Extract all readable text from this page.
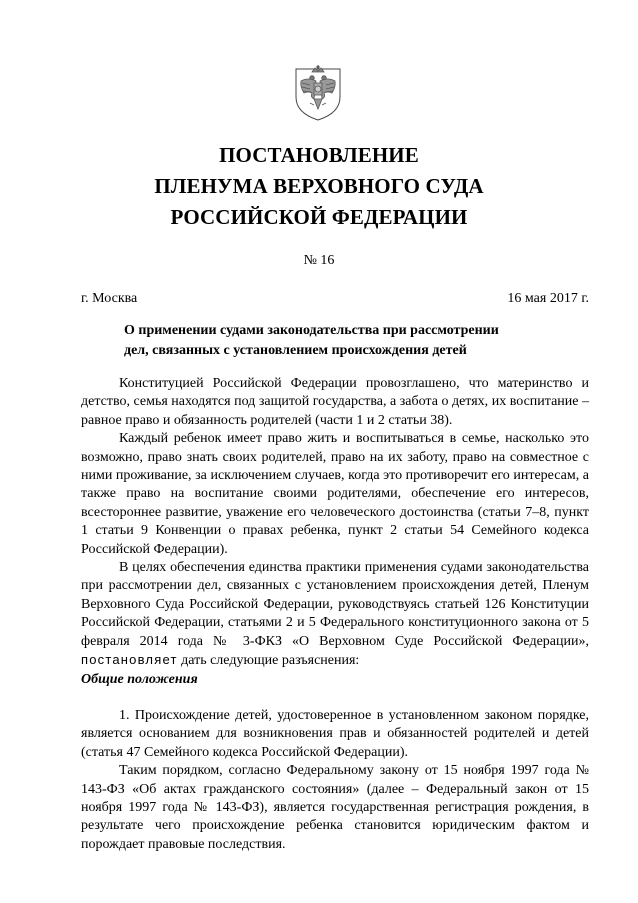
ПОСТАНОВЛЕНИЕ
ПЛЕНУМА ВЕРХОВНОГО СУДА
РОССИЙСКОЙ ФЕДЕРАЦИИ
№ 16
г. Москва	16 мая 2017 г.
О применении судами законодательства при рассмотрении
дел, связанных с установлением происхождения детей

Конституцией Российской Федерации провозглашено, что материнство и детство, семья находятся под защитой государства, а забота о детях, их воспитание – равное право и обязанность родителей (части 1 и 2 статьи 38).

Каждый ребенок имеет право жить и воспитываться в семье, насколько это возможно, право знать своих родителей, право на их заботу, право на совместное с ними проживание, за исключением случаев, когда это противоречит его интересам, а также право на воспитание своими родителями, обеспечение его интересов, всестороннее развитие, уважение его человеческого достоинства (статьи 7–8, пункт 1 статьи 9 Конвенции о правах ребенка, пункт 2 статьи 54 Семейного кодекса Российской Федерации).

В целях обеспечения единства практики применения судами законодательства при рассмотрении дел, связанных с установлением происхождения детей, Пленум Верховного Суда Российской Федерации, руководствуясь статьей 126 Конституции Российской Федерации, статьями 2 и 5 Федерального конституционного закона от 5 февраля 2014 года № 3-ФКЗ «О Верховном Суде Российской Федерации», постановляет дать следующие разъяснения:

Общие положения

1. Происхождение детей, удостоверенное в установленном законом порядке, является основанием для возникновения прав и обязанностей родителей и детей (статья 47 Семейного кодекса Российской Федерации).

Таким порядком, согласно Федеральному закону от 15 ноября 1997 года № 143-ФЗ «Об актах гражданского состояния» (далее – Федеральный закон от 15 ноября 1997 года № 143-ФЗ), является государственная регистрация рождения, в результате чего происхождение ребенка становится юридическим фактом и порождает правовые последствия.
